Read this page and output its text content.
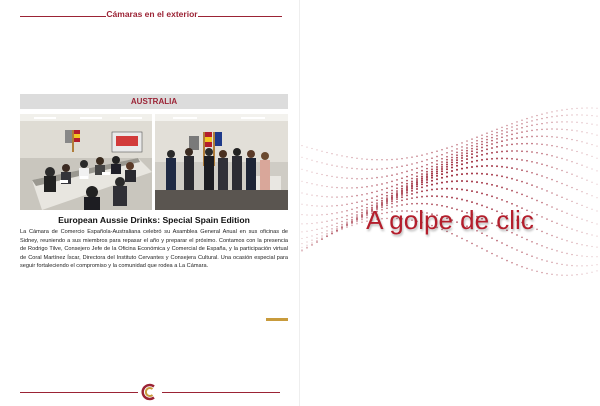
Cámaras en el exterior
AUSTRALIA
European Aussie Drinks: Special Spain Edition
La Cámara de Comercio Española-Australiana celebró su Asamblea General Anual en sus oficinas de Sidney, reuniendo a sus miembros para repasar el año y preparar el próximo. Contamos con la presencia de Rodrigo Tilve, Consejero Jefe de la Oficina Económica y Comercial de España, y la participación virtual de Coral Martínez Íscar, Directora del Instituto Cervantes y Consejera Cultural. Una ocasión especial para seguir fortaleciendo el compromiso y la comunidad que rodea a La Cámara.
A golpe de clic
